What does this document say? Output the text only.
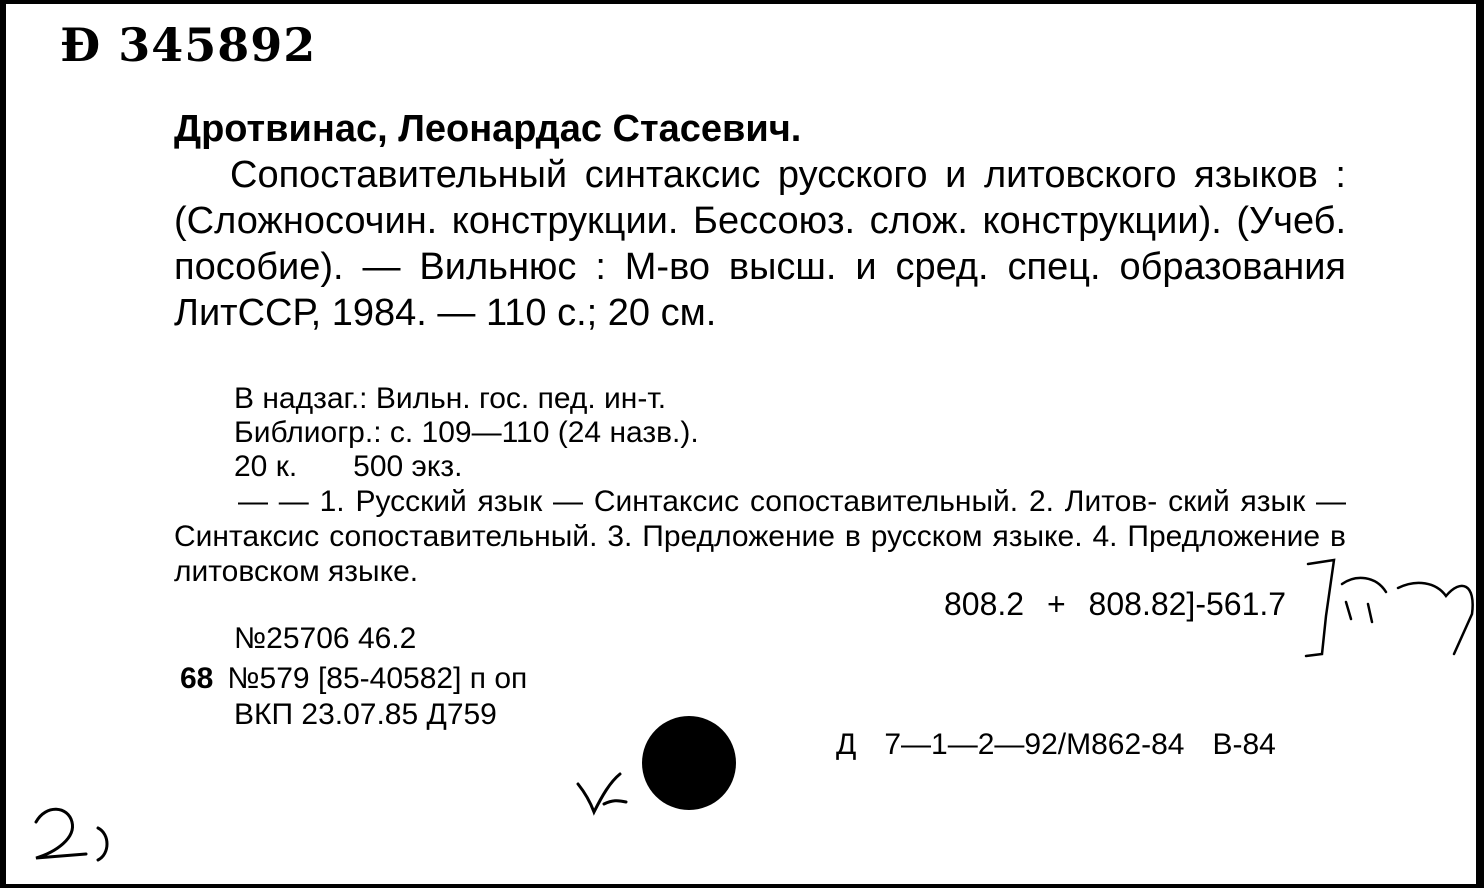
Ɖ 345892
Дротвинас, Леонардас Стасевич.
Сопоставительный синтаксис русского и литовского языков : (Сложносочин. конструкции. Бессоюз. слож. конструкции). (Учеб. пособие). — Вильнюс : М-во высш. и сред. спец. образования ЛитССР, 1984. — 110 с.; 20 см.
В надзаг.: Вильн. гос. пед. ин-т.
Библиогр.: с. 109—110 (24 назв.).
20 к. 500 экз.
— — 1. Русский язык — Синтаксис сопоставительный. 2. Литов- ский язык — Синтаксис сопоставительный. 3. Предложение в русском языке. 4. Предложение в литовском языке.
808.2 + 808.82]-561.7
№25706 46.2
68 №579 [85-40582] п оп
ВКП 23.07.85 Д759
Д 7—1—2—92/М862-84 В-84
